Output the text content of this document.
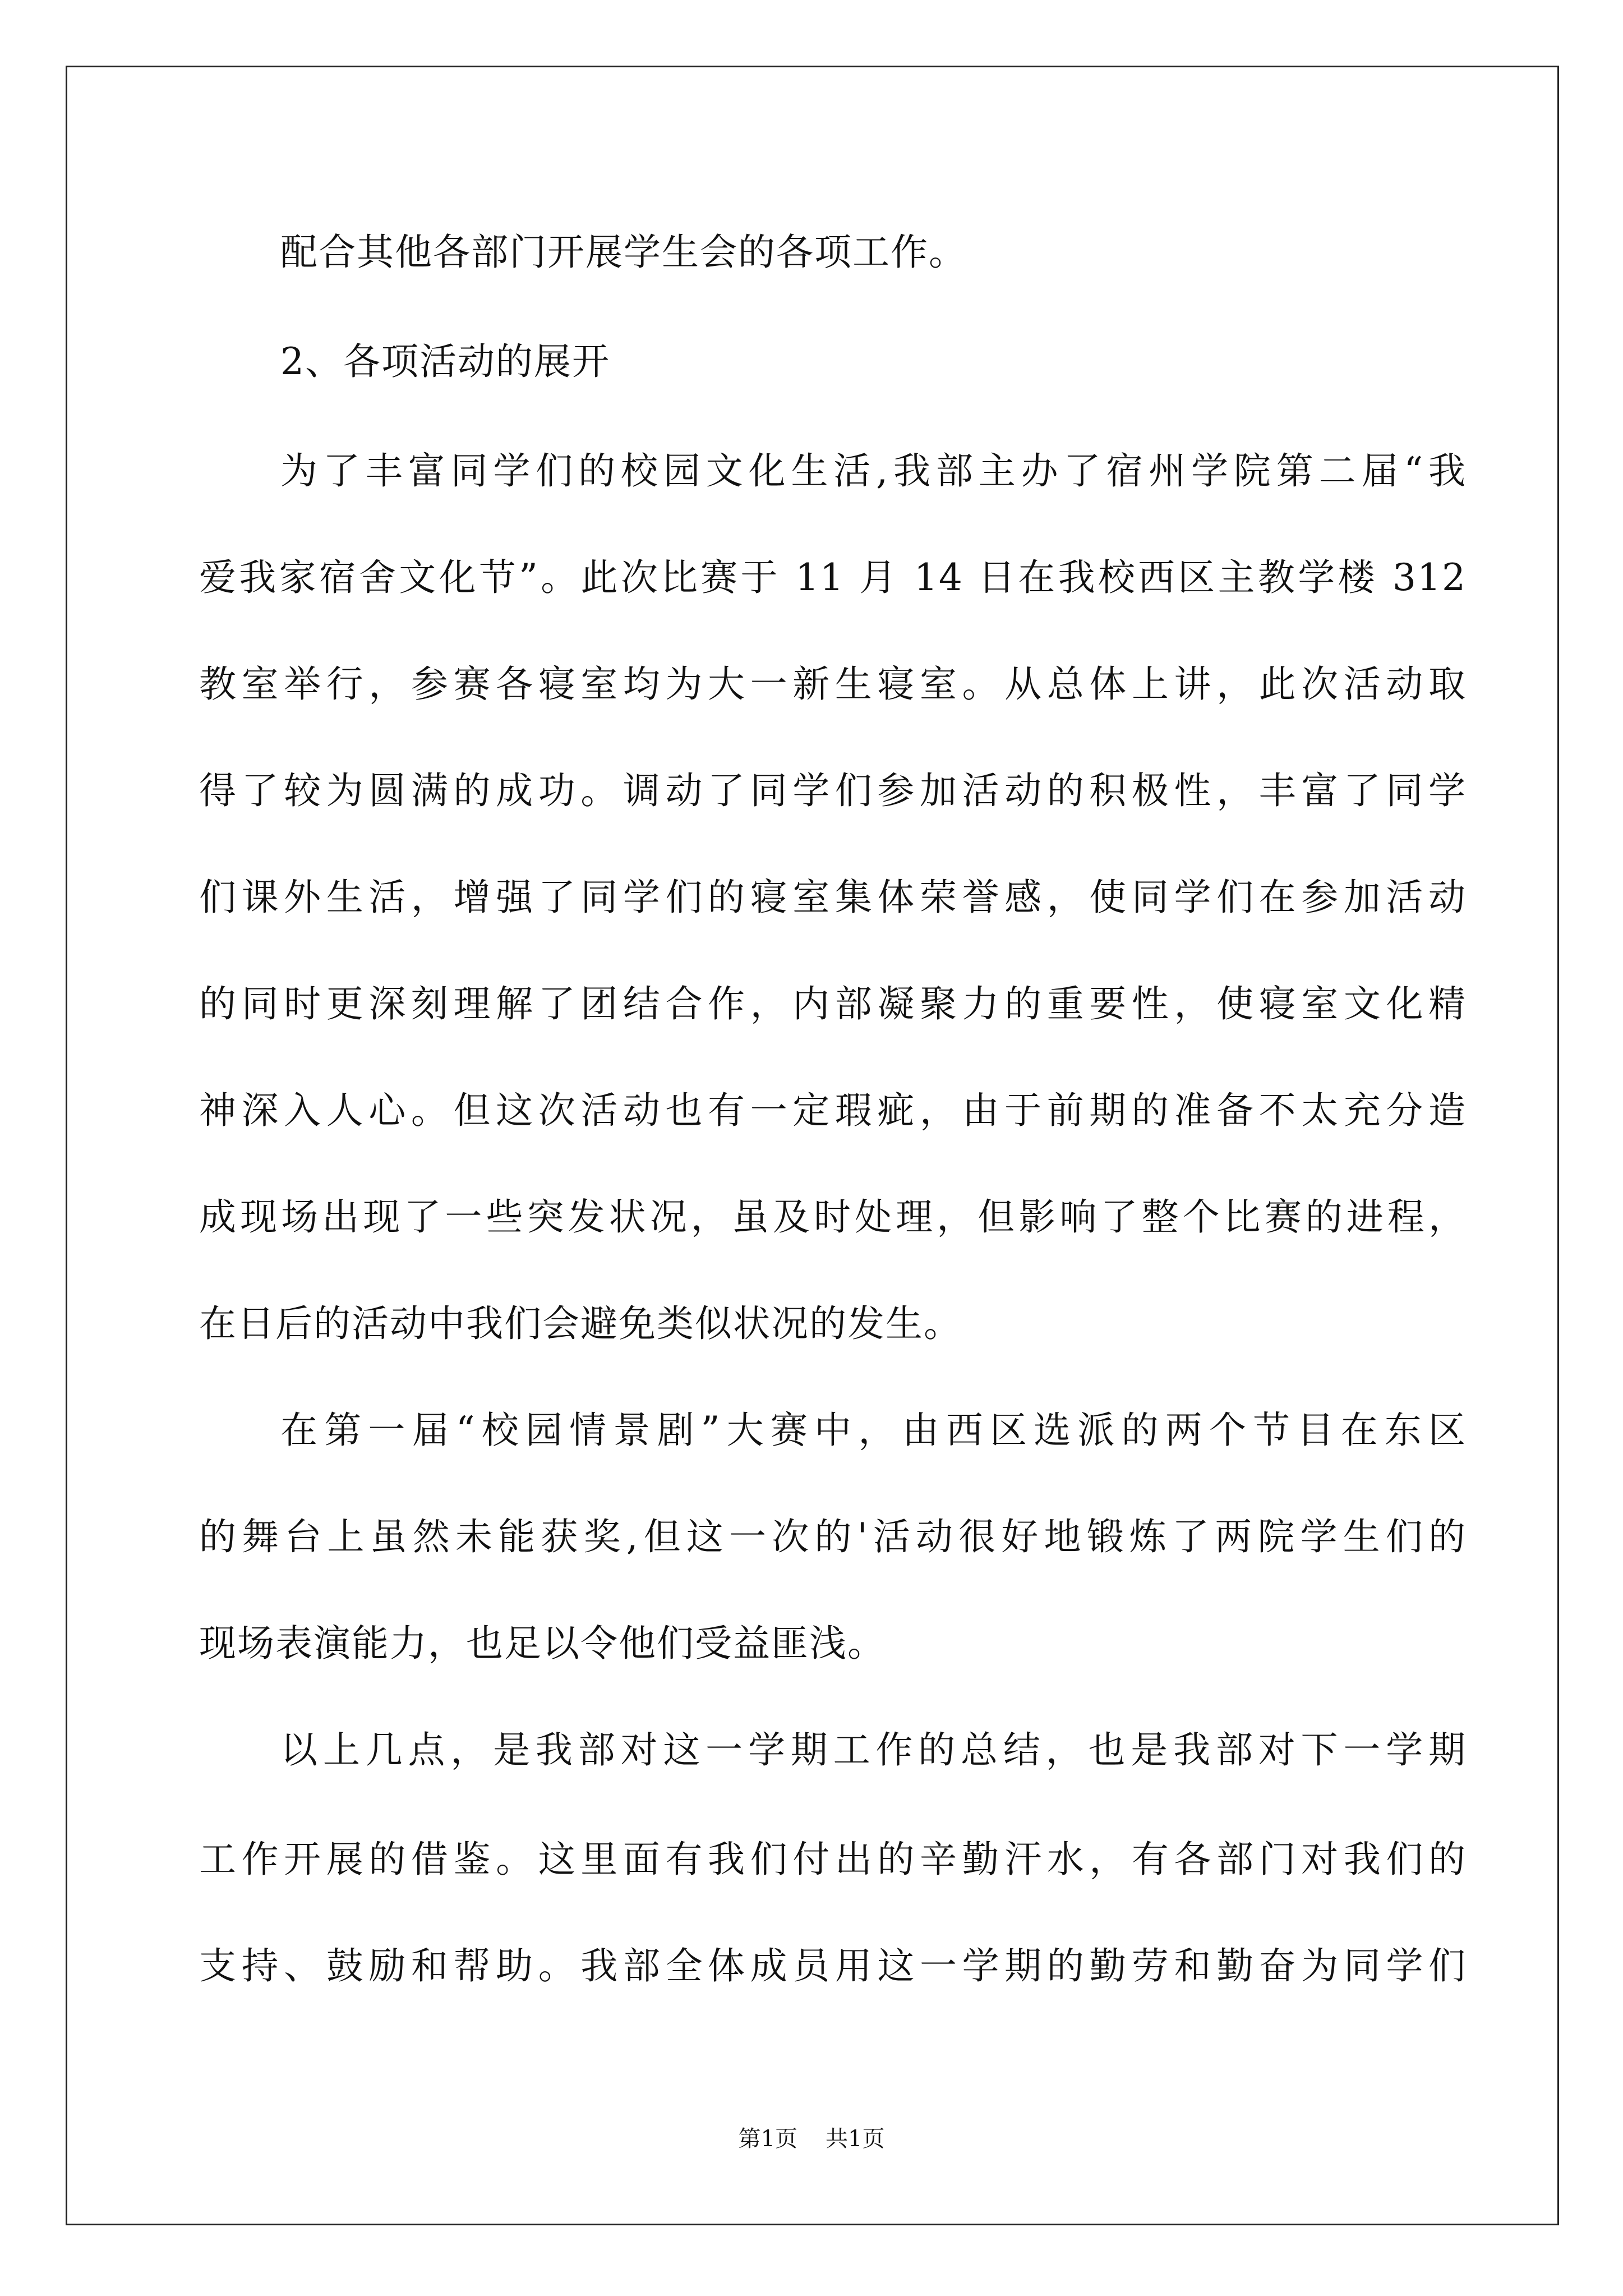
配合其他各部门开展学生会的各项工作。
2、各项活动的展开
为了丰富同学们的校园文化生活,我部主办了宿州学院第二届“我
爱我家宿舍文化节”。此次比赛于 11 月 14 日在我校西区主教学楼 312
教室举行，参赛各寝室均为大一新生寝室。从总体上讲，此次活动取
得了较为圆满的成功。调动了同学们参加活动的积极性，丰富了同学
们课外生活，增强了同学们的寝室集体荣誉感，使同学们在参加活动
的同时更深刻理解了团结合作，内部凝聚力的重要性，使寝室文化精
神深入人心。但这次活动也有一定瑕疵，由于前期的准备不太充分造
成现场出现了一些突发状况，虽及时处理，但影响了整个比赛的进程，
在日后的活动中我们会避免类似状况的发生。
在第一届“校园情景剧”大赛中，由西区选派的两个节目在东区
的舞台上虽然未能获奖,但这一次的'活动很好地锻炼了两院学生们的
现场表演能力，也足以令他们受益匪浅。
以上几点，是我部对这一学期工作的总结，也是我部对下一学期
工作开展的借鉴。这里面有我们付出的辛勤汗水，有各部门对我们的
支持、鼓励和帮助。我部全体成员用这一学期的勤劳和勤奋为同学们
第1页 共1页
